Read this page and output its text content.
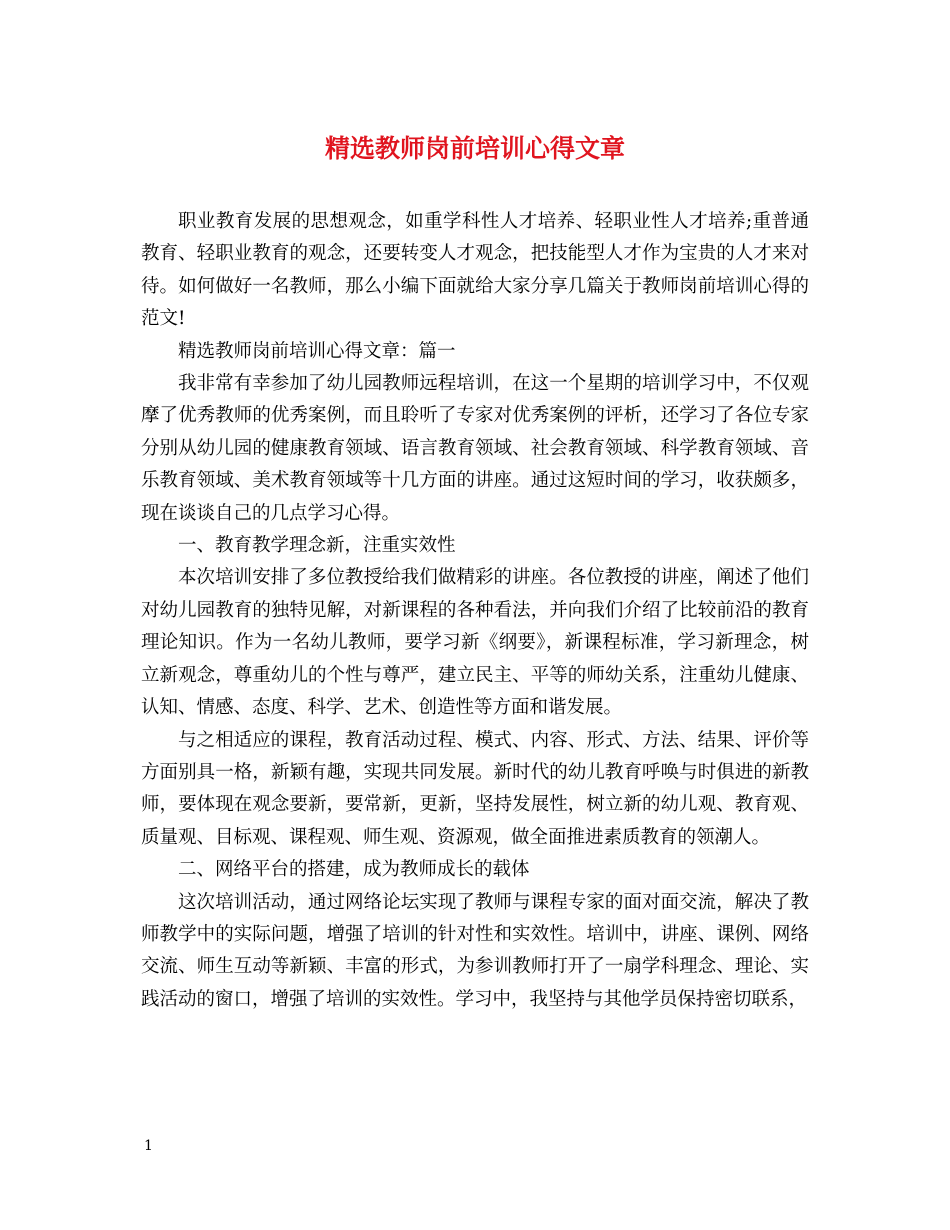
精选教师岗前培训心得文章

职业教育发展的思想观念，如重学科性人才培养、轻职业性人才培养;重普通教育、轻职业教育的观念，还要转变人才观念，把技能型人才作为宝贵的人才来对待。如何做好一名教师，那么小编下面就给大家分享几篇关于教师岗前培训心得的范文!

精选教师岗前培训心得文章：篇一

我非常有幸参加了幼儿园教师远程培训，在这一个星期的培训学习中，不仅观摩了优秀教师的优秀案例，而且聆听了专家对优秀案例的评析，还学习了各位专家分别从幼儿园的健康教育领域、语言教育领域、社会教育领域、科学教育领域、音乐教育领域、美术教育领域等十几方面的讲座。通过这短时间的学习，收获颇多，现在谈谈自己的几点学习心得。

一、教育教学理念新，注重实效性

本次培训安排了多位教授给我们做精彩的讲座。各位教授的讲座，阐述了他们对幼儿园教育的独特见解，对新课程的各种看法，并向我们介绍了比较前沿的教育理论知识。作为一名幼儿教师，要学习新《纲要》，新课程标准，学习新理念，树立新观念，尊重幼儿的个性与尊严，建立民主、平等的师幼关系，注重幼儿健康、认知、情感、态度、科学、艺术、创造性等方面和谐发展。

与之相适应的课程，教育活动过程、模式、内容、形式、方法、结果、评价等方面别具一格，新颖有趣，实现共同发展。新时代的幼儿教育呼唤与时俱进的新教师，要体现在观念要新，要常新，更新，坚持发展性，树立新的幼儿观、教育观、质量观、目标观、课程观、师生观、资源观，做全面推进素质教育的领潮人。

二、网络平台的搭建，成为教师成长的载体

这次培训活动，通过网络论坛实现了教师与课程专家的面对面交流，解决了教师教学中的实际问题，增强了培训的针对性和实效性。培训中，讲座、课例、网络交流、师生互动等新颖、丰富的形式，为参训教师打开了一扇学科理念、理论、实践活动的窗口，增强了培训的实效性。学习中，我坚持与其他学员保持密切联系，

1
